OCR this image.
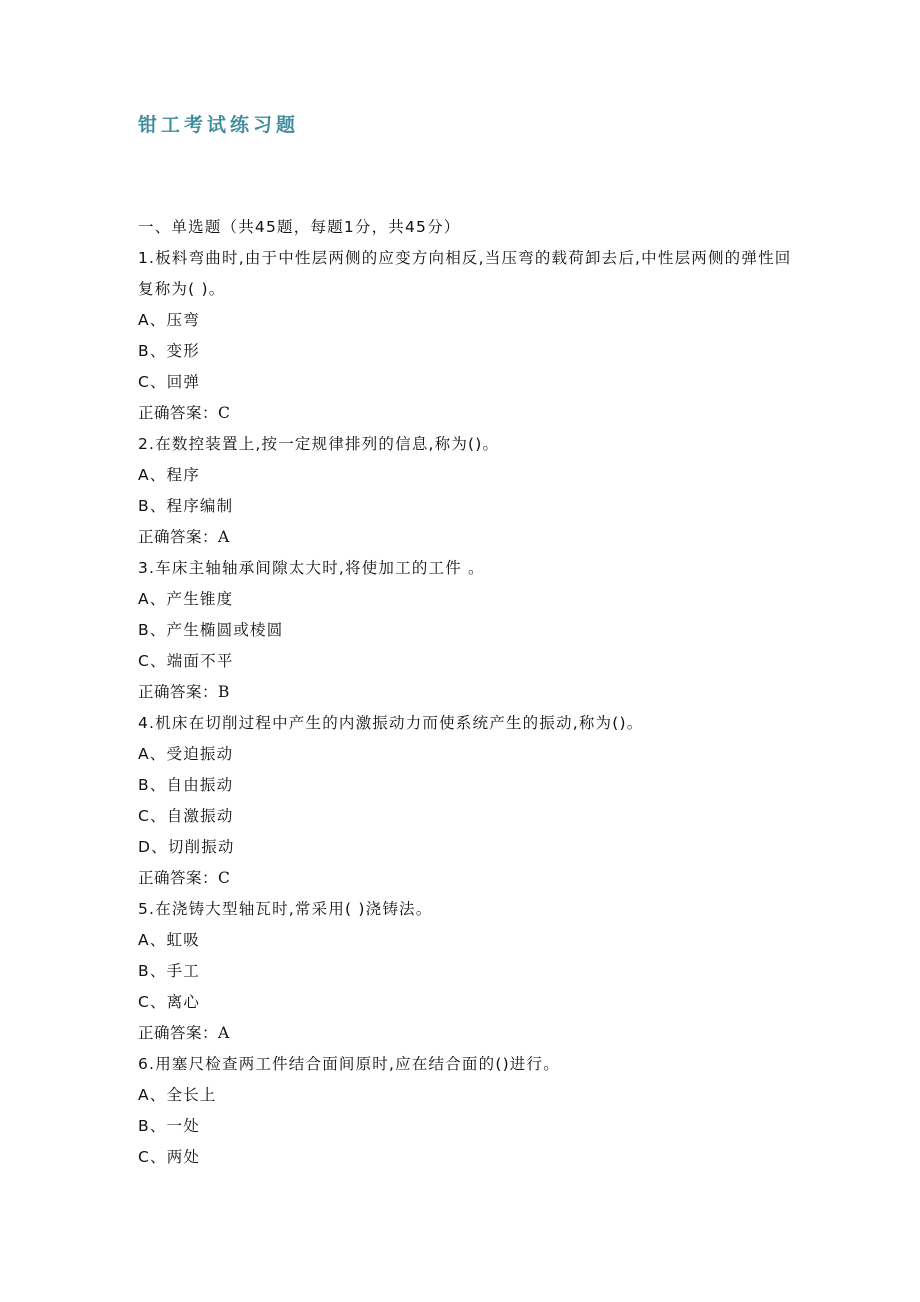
钳工考试练习题
一、单选题（共45题，每题1分，共45分）
1.板料弯曲时,由于中性层两侧的应变方向相反,当压弯的载荷卸去后,中性层两侧的弹性回复称为( )。
A、压弯
B、变形
C、回弹
正确答案：C
2.在数控装置上,按一定规律排列的信息,称为()。
A、程序
B、程序编制
正确答案：A
3.车床主轴轴承间隙太大时,将使加工的工件 。
A、产生锥度
B、产生椭圆或棱圆
C、端面不平
正确答案：B
4.机床在切削过程中产生的内激振动力而使系统产生的振动,称为()。
A、受迫振动
B、自由振动
C、自激振动
D、切削振动
正确答案：C
5.在浇铸大型轴瓦时,常采用( )浇铸法。
A、虹吸
B、手工
C、离心
正确答案：A
6.用塞尺检查两工件结合面间原时,应在结合面的()进行。
A、全长上
B、一处
C、两处
